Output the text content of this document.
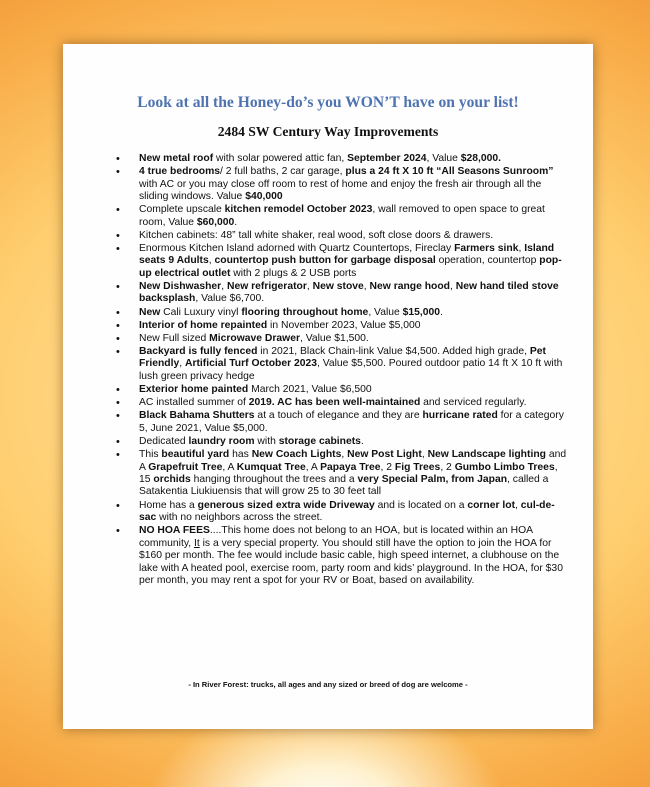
Look at all the Honey-do’s you WON’T have on your list!

2484 SW Century Way Improvements

• New metal roof with solar powered attic fan, September 2024, Value $28,000.
• 4 true bedrooms/ 2 full baths, 2 car garage, plus a 24 ft X 10 ft “All Seasons Sunroom” with AC or you may close off room to rest of home and enjoy the fresh air through all the sliding windows. Value $40,000
• Complete upscale kitchen remodel October 2023, wall removed to open space to great room, Value $60,000.
• Kitchen cabinets: 48” tall white shaker, real wood, soft close doors & drawers.
• Enormous Kitchen Island adorned with Quartz Countertops, Fireclay Farmers sink, Island seats 9 Adults, countertop push button for garbage disposal operation, countertop pop-up electrical outlet with 2 plugs & 2 USB ports
• New Dishwasher, New refrigerator, New stove, New range hood, New hand tiled stove backsplash, Value $6,700.
• New Cali Luxury vinyl flooring throughout home, Value $15,000.
• Interior of home repainted in November 2023, Value $5,000
• New Full sized Microwave Drawer, Value $1,500.
• Backyard is fully fenced in 2021, Black Chain-link Value $4,500. Added high grade, Pet Friendly, Artificial Turf October 2023, Value $5,500. Poured outdoor patio 14 ft X 10 ft with lush green privacy hedge
• Exterior home painted March 2021, Value $6,500
• AC installed summer of 2019. AC has been well-maintained and serviced regularly.
• Black Bahama Shutters at a touch of elegance and they are hurricane rated for a category 5, June 2021, Value $5,000.
• Dedicated laundry room with storage cabinets.
• This beautiful yard has New Coach Lights, New Post Light, New Landscape lighting and A Grapefruit Tree, A Kumquat Tree, A Papaya Tree, 2 Fig Trees, 2 Gumbo Limbo Trees, 15 orchids hanging throughout the trees and a very Special Palm, from Japan, called a Satakentia Liukiuensis that will grow 25 to 30 feet tall
• Home has a generous sized extra wide Driveway and is located on a corner lot, cul-de-sac with no neighbors across the street.
• NO HOA FEES....This home does not belong to an HOA, but is located within an HOA community, It is a very special property. You should still have the option to join the HOA for $160 per month. The fee would include basic cable, high speed internet, a clubhouse on the lake with A heated pool, exercise room, party room and kids’ playground. In the HOA, for $30 per month, you may rent a spot for your RV or Boat, based on availability.

- In River Forest: trucks, all ages and any sized or breed of dog are welcome -
